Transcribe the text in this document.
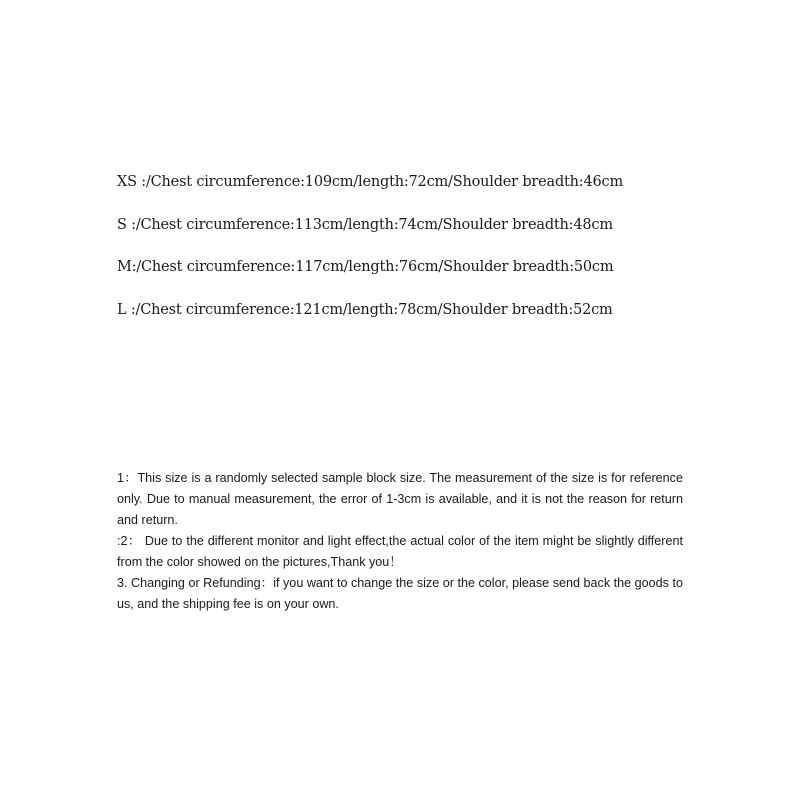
XS :/Chest circumference:109cm/length:72cm/Shoulder breadth:46cm
S :/Chest circumference:113cm/length:74cm/Shoulder breadth:48cm
M:/Chest circumference:117cm/length:76cm/Shoulder breadth:50cm
L :/Chest circumference:121cm/length:78cm/Shoulder breadth:52cm

1：This size is a randomly selected sample block size. The measurement of the size is for reference only. Due to manual measurement, the error of 1-3cm is available, and it is not the reason for return and return.

:2： Due to the different monitor and light effect,the actual color of the item might be slightly different from the color showed on the pictures,Thank you！

3. Changing or Refunding：if you want to change the size or the color, please send back the goods to us, and the shipping fee is on your own.
